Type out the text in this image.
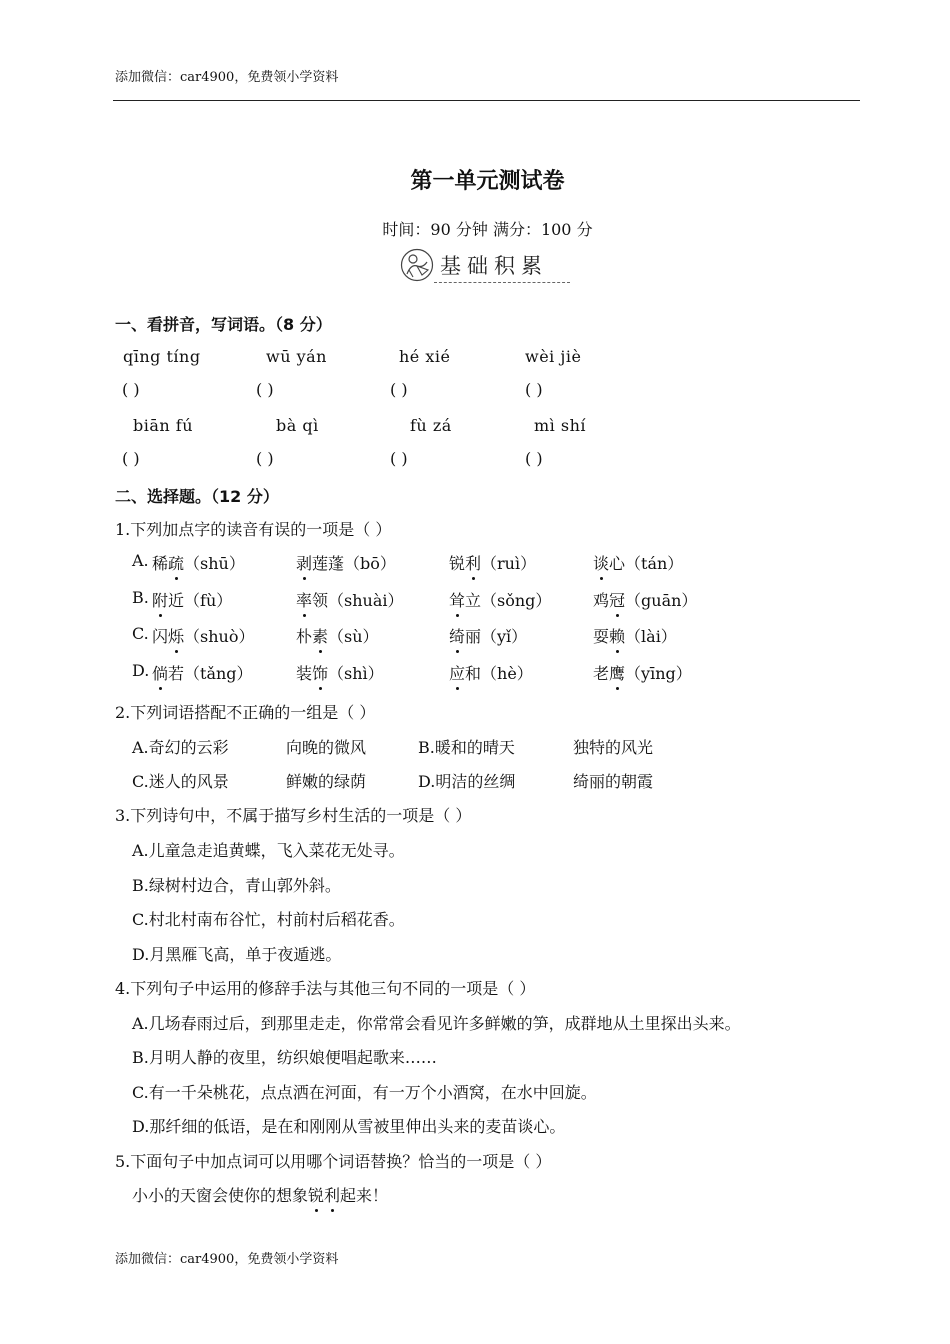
添加微信：car4900，免费领小学资料
第一单元测试卷
时间：90 分钟 满分：100 分
基础积累
一、看拼音，写词语。（8 分）
qīng tíng	wū yán	hé xié	wèi jiè
( )	( )	( )	( )
biān fú	bà qì	fù zá	mì shí
( )	( )	( )	( )
二、选择题。（12 分）
1.下列加点字的读音有误的一项是（ ）
A. 稀疏（shū）	剥莲蓬（bō）	锐利（ruì）	谈心（tán）
B. 附近（fù）	率领（shuài）	耸立（sǒng）	鸡冠（guān）
C. 闪烁（shuò）	朴素（sù）	绮丽（yǐ）	耍赖（lài）
D. 倘若（tǎng）	装饰（shì）	应和（hè）	老鹰（yīng）
2.下列词语搭配不正确的一组是（ ）
A.奇幻的云彩	向晚的微风	B.暖和的晴天	独特的风光
C.迷人的风景	鲜嫩的绿荫	D.明洁的丝绸	绮丽的朝霞
3.下列诗句中，不属于描写乡村生活的一项是（ ）
A.儿童急走追黄蝶，飞入菜花无处寻。
B.绿树村边合，青山郭外斜。
C.村北村南布谷忙，村前村后稻花香。
D.月黑雁飞高，单于夜遁逃。
4.下列句子中运用的修辞手法与其他三句不同的一项是（ ）
A.几场春雨过后，到那里走走，你常常会看见许多鲜嫩的笋，成群地从土里探出头来。
B.月明人静的夜里，纺织娘便唱起歌来……
C.有一千朵桃花，点点洒在河面，有一万个小酒窝，在水中回旋。
D.那纤细的低语，是在和刚刚从雪被里伸出头来的麦苗谈心。
5.下面句子中加点词可以用哪个词语替换？恰当的一项是（ ）
小小的天窗会使你的想象锐利起来！
添加微信：car4900，免费领小学资料
